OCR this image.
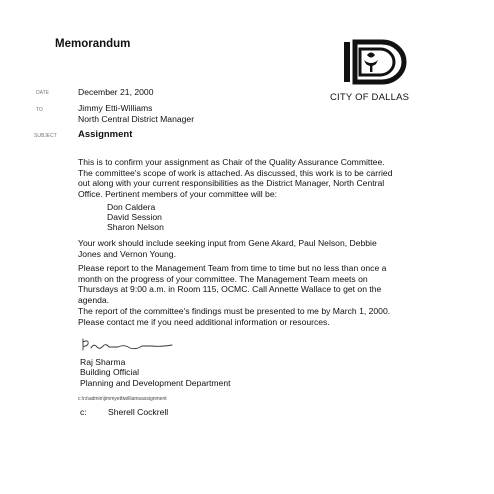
Memorandum
CITY OF DALLAS
DATE	December 21, 2000
TO	Jimmy Etti-Williams
North Central District Manager
SUBJECT Assignment
This is to confirm your assignment as Chair of the Quality Assurance Committee.
The committee's scope of work is attached. As discussed, this work is to be carried
out along with your current responsibilities as the District Manager, North Central
Office. Pertinent members of your committee will be:
Don Caldera
David Session
Sharon Nelson
Your work should include seeking input from Gene Akard, Paul Nelson, Debbie
Jones and Vernon Young.
Please report to the Management Team from time to time but no less than once a
month on the progress of your committee. The Management Team meets on
Thursdays at 9:00 a.m. in Room 115, OCMC. Call Annette Wallace to get on the
agenda.
The report of the committee's findings must be presented to me by March 1, 2000.
Please contact me if you need additional information or resources.
Raj Sharma
Building Official
Planning and Development Department
c:\rs\admin\jimmyettiwilliamsassignment
c: Sherell Cockrell
